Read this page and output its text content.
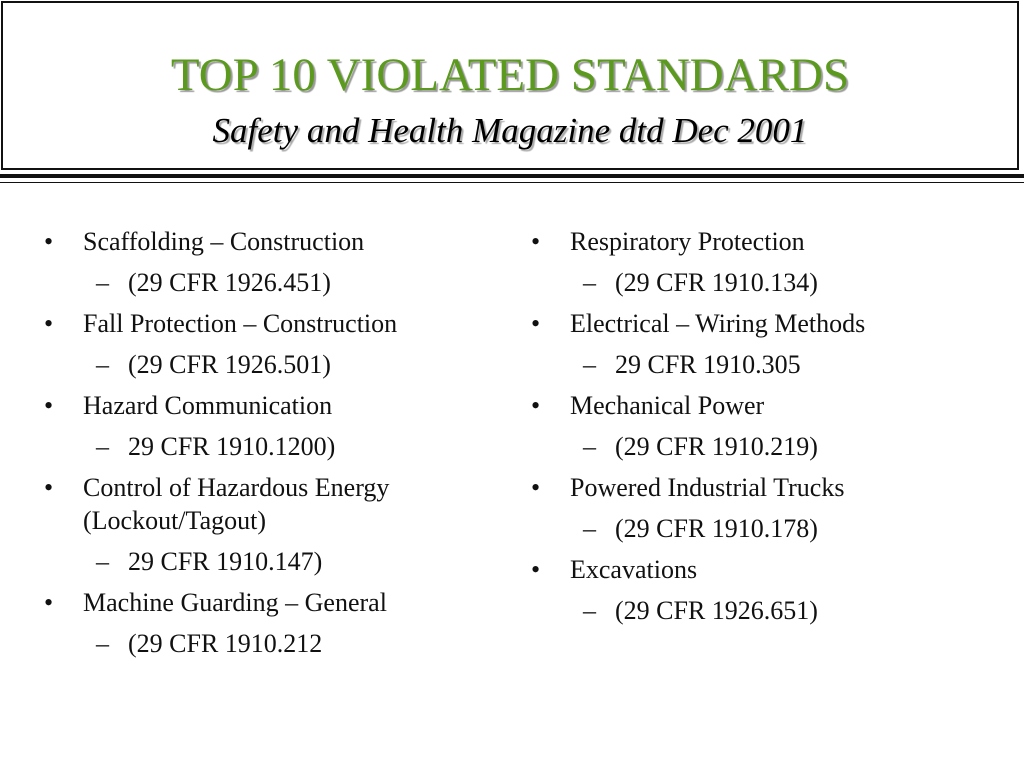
TOP 10 VIOLATED STANDARDS
Safety and Health Magazine dtd Dec 2001
• Scaffolding – Construction
– (29 CFR 1926.451)
• Fall Protection – Construction
– (29 CFR 1926.501)
• Hazard Communication
– 29 CFR 1910.1200)
• Control of Hazardous Energy (Lockout/Tagout)
– 29 CFR 1910.147)
• Machine Guarding – General
– (29 CFR 1910.212
• Respiratory Protection
– (29 CFR 1910.134)
• Electrical – Wiring Methods
– 29 CFR 1910.305
• Mechanical Power
– (29 CFR 1910.219)
• Powered Industrial Trucks
– (29 CFR 1910.178)
• Excavations
– (29 CFR 1926.651)
